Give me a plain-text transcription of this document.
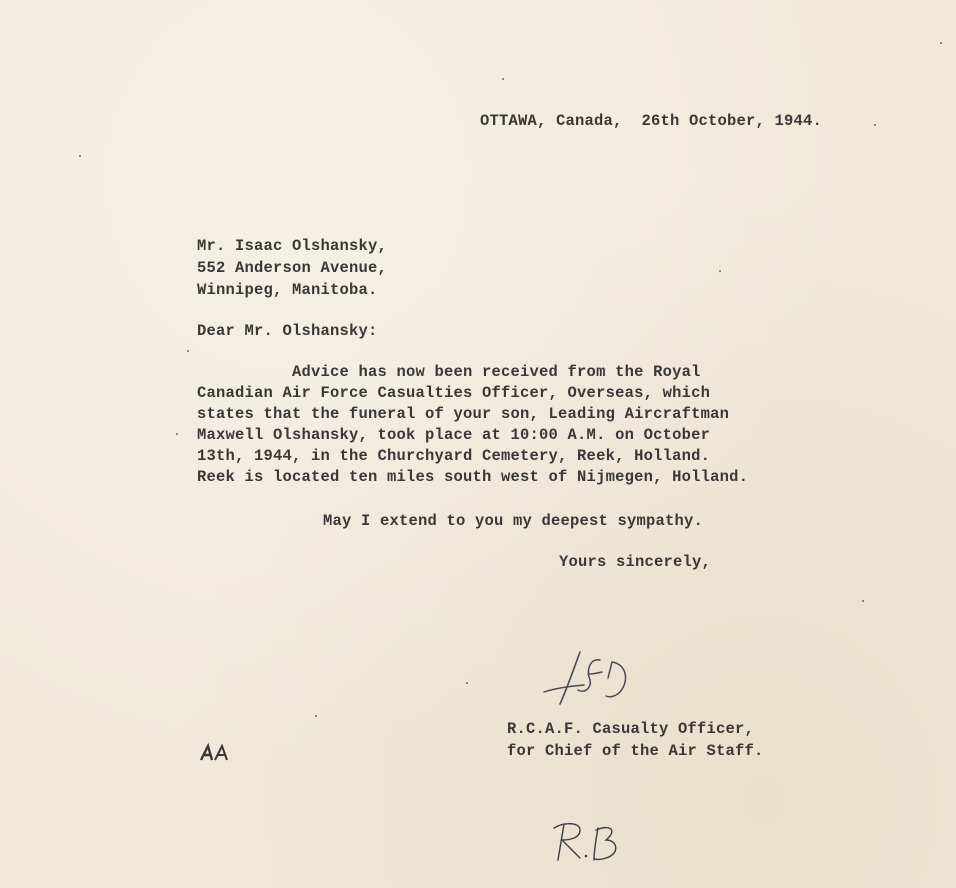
OTTAWA, Canada,  26th October, 1944.
Mr. Isaac Olshansky,
552 Anderson Avenue,
Winnipeg, Manitoba.
Dear Mr. Olshansky:
Advice has now been received from the Royal
Canadian Air Force Casualties Officer, Overseas, which
states that the funeral of your son, Leading Aircraftman
Maxwell Olshansky, took place at 10:00 A.M. on October
13th, 1944, in the Churchyard Cemetery, Reek, Holland.
Reek is located ten miles south west of Nijmegen, Holland.
May I extend to you my deepest sympathy.
Yours sincerely,
R.C.A.F. Casualty Officer,
for Chief of the Air Staff.
